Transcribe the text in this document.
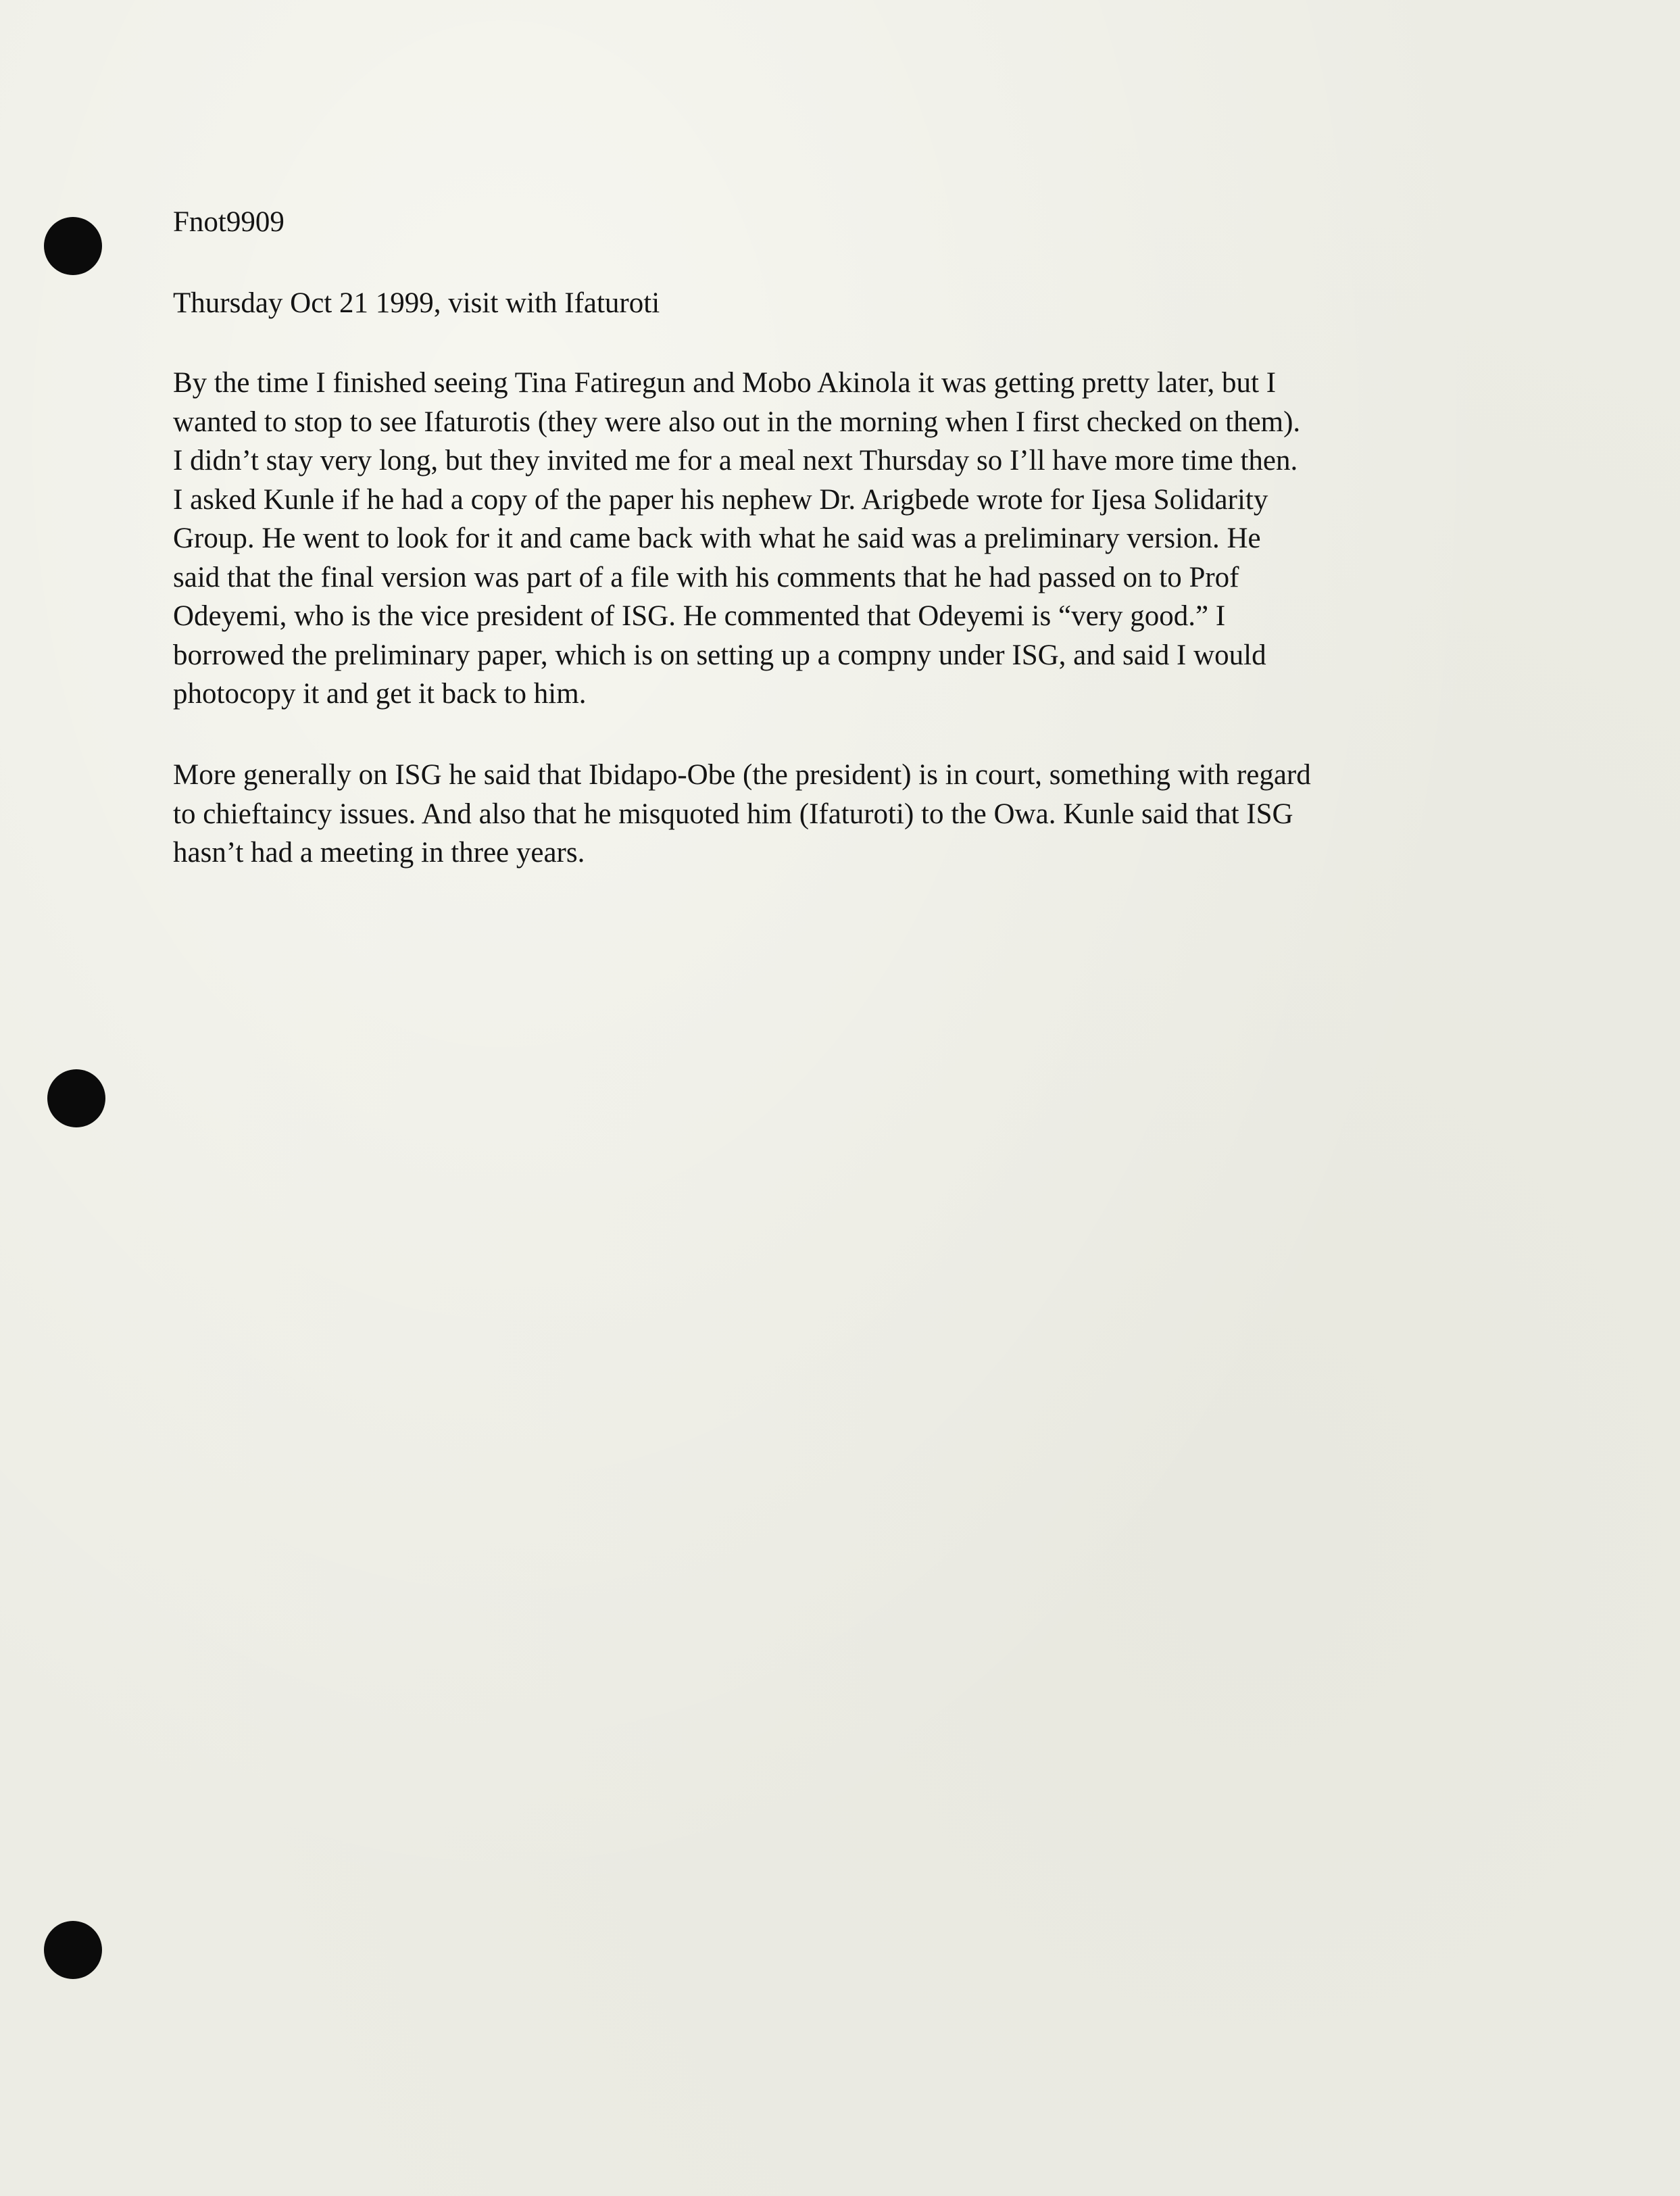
Fnot9909
Thursday Oct 21 1999, visit with Ifaturoti
By the time I finished seeing Tina Fatiregun and Mobo Akinola it was getting pretty later, but I
wanted to stop to see Ifaturotis (they were also out in the morning when I first checked on them).
I didn’t stay very long, but they invited me for a meal next Thursday so I’ll have more time then.
I asked Kunle if he had a copy of the paper his nephew Dr. Arigbede wrote for Ijesa Solidarity
Group. He went to look for it and came back with what he said was a preliminary version. He
said that the final version was part of a file with his comments that he had passed on to Prof
Odeyemi, who is the vice president of ISG. He commented that Odeyemi is “very good.” I
borrowed the preliminary paper, which is on setting up a compny under ISG, and said I would
photocopy it and get it back to him.
More generally on ISG he said that Ibidapo-Obe (the president) is in court, something with regard
to chieftaincy issues. And also that he misquoted him (Ifaturoti) to the Owa. Kunle said that ISG
hasn’t had a meeting in three years.
